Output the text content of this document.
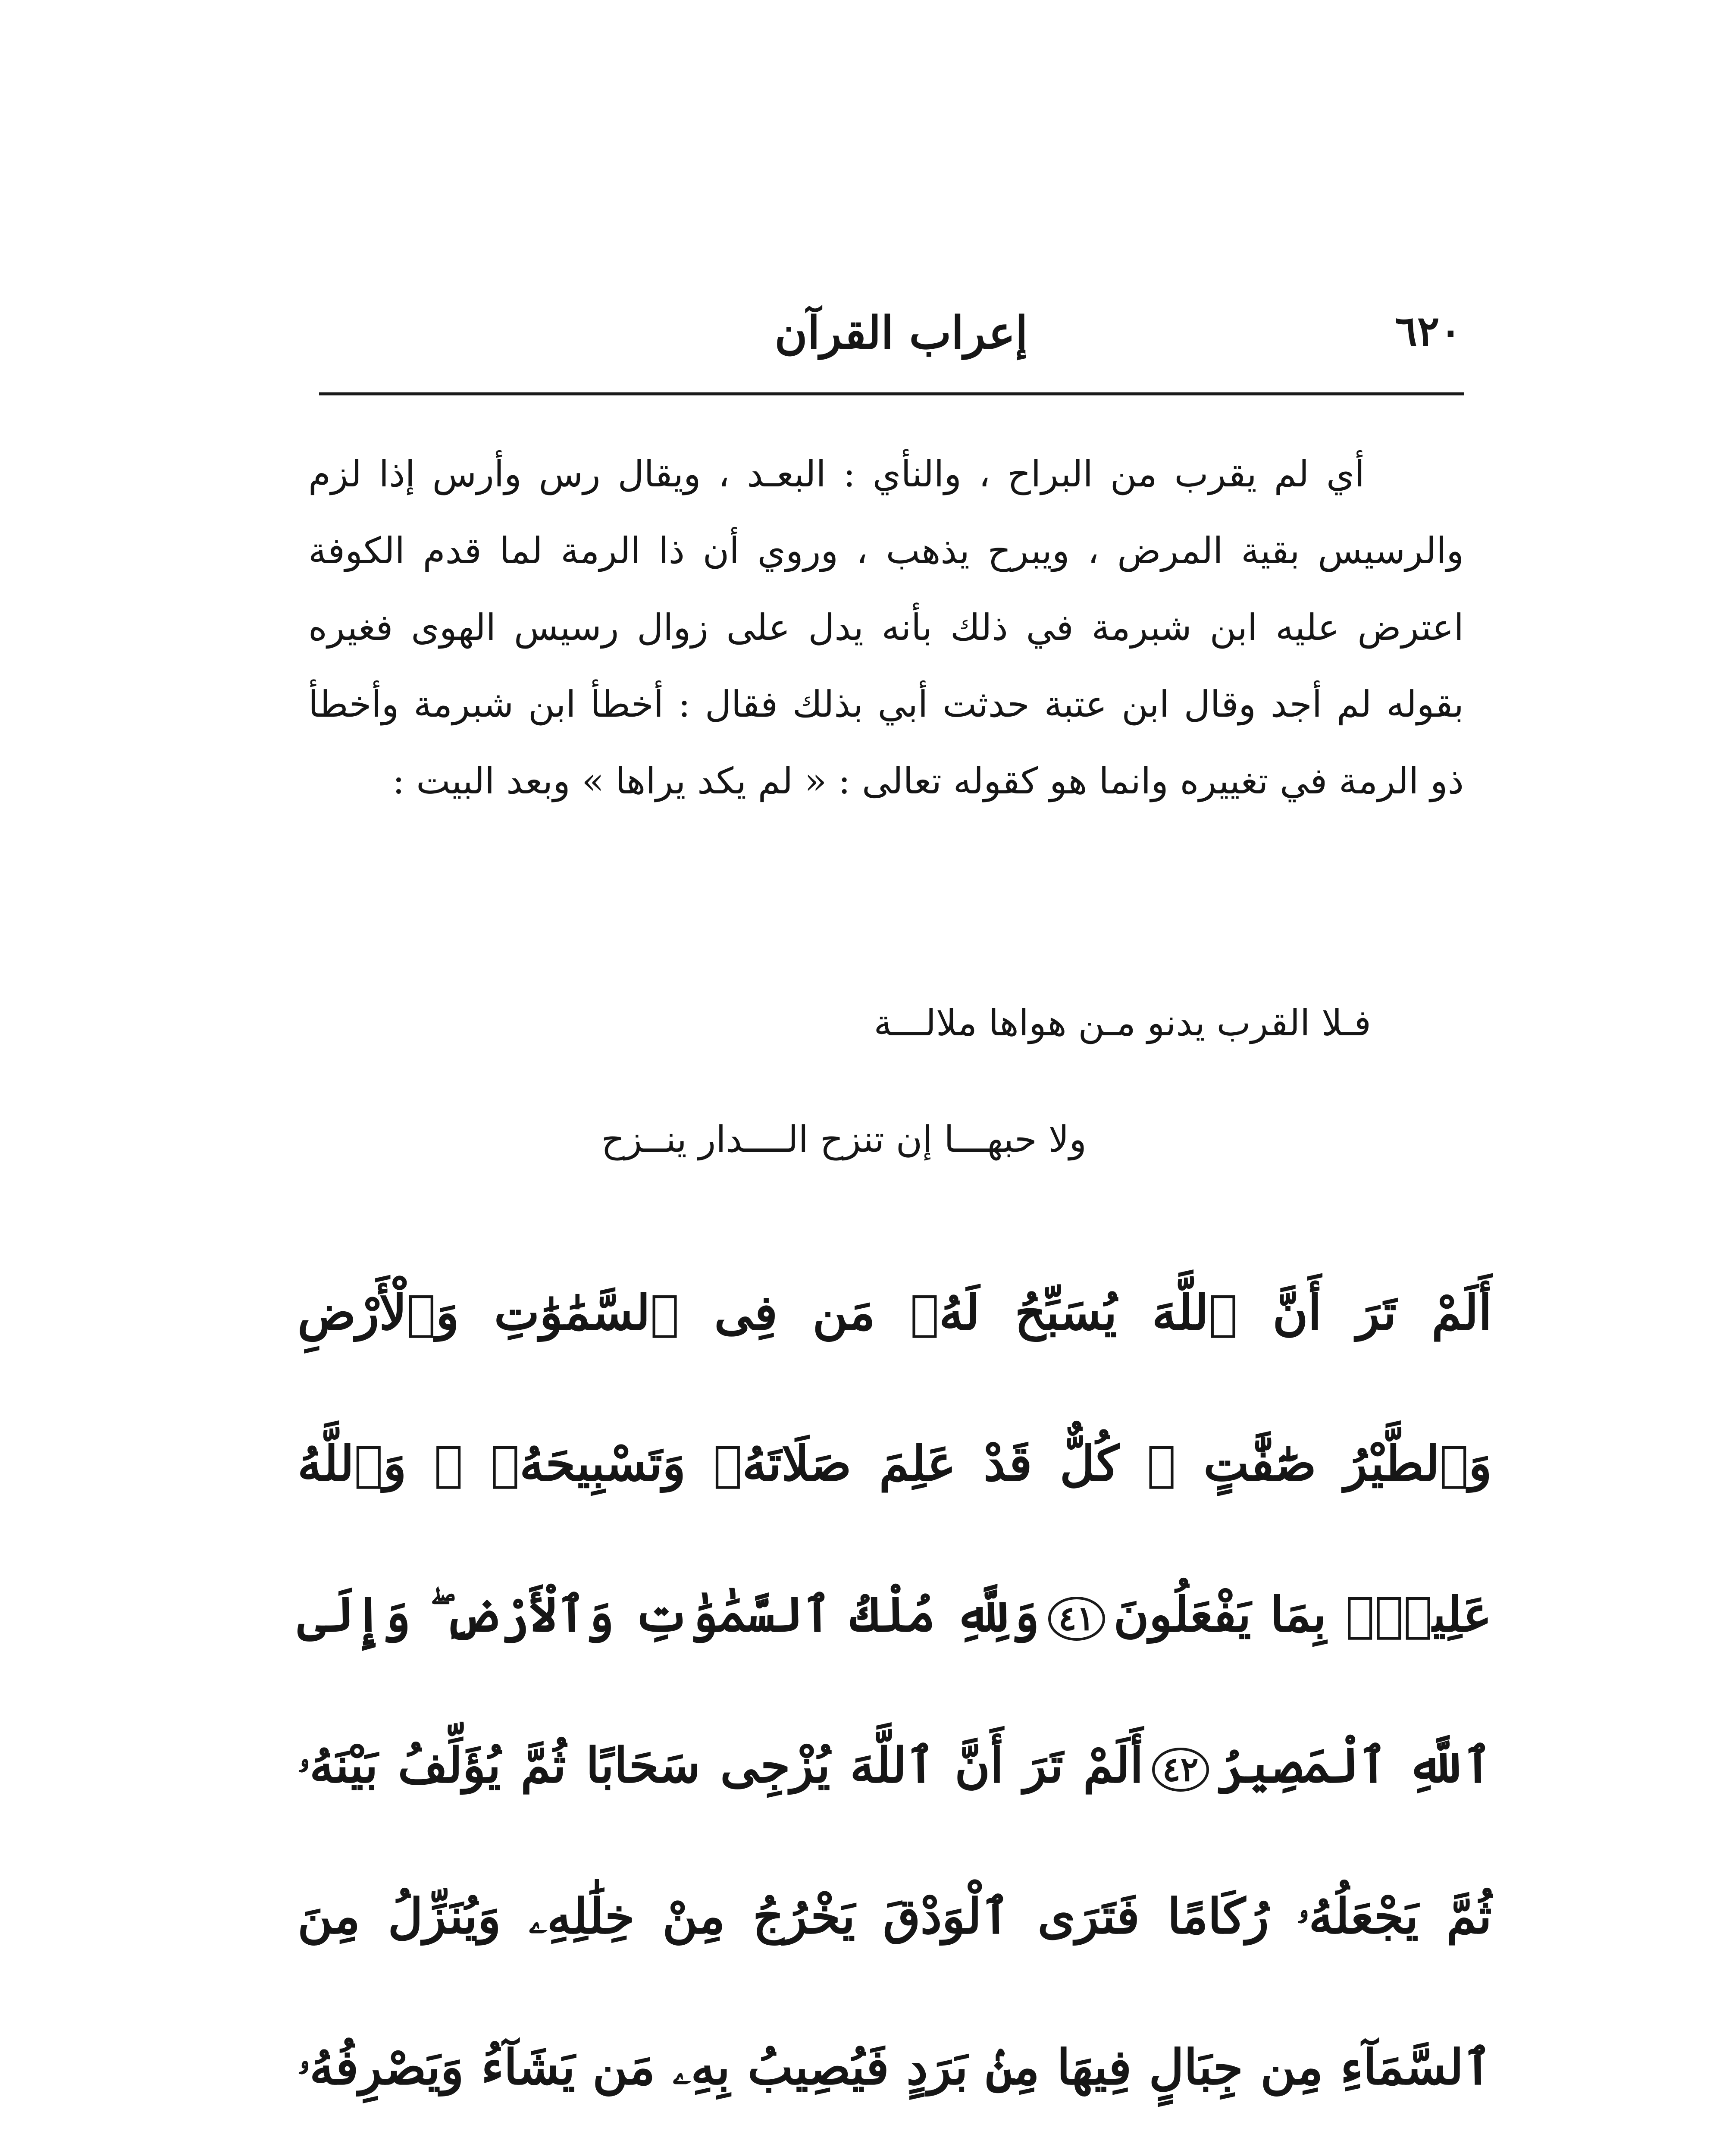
٦٢٠
إعراب القرآن

أي لم يقرب من البراح ، والنأي : البعـد ، ويقال رس وأرس إذا لزم والرسيس بقية المرض ، ويبرح يذهب ، وروي أن ذا الرمة لما قدم الكوفة اعترض عليه ابن شبرمة في ذلك بأنه يدل على زوال رسيس الهوى فغيره بقوله لم أجد وقال ابن عتبة حدثت أبي بذلك فقال : أخطأ ابن شبرمة وأخطأ ذو الرمة في تغييره وانما هو كقوله تعالى : « لم يكد يراها » وبعد البيت :

فـلا القرب يدنو مـن هواها ملالـــة
ولا حبهـــا إن تنزح الــــدار ينــزح

أَلَمْ تَرَ أَنَّ ٱللَّهَ يُسَبِّحُ لَهُۥ مَن فِى ٱلسَّمَٰوَٰتِ وَٱلْأَرْضِ وَٱلطَّيْرُ صَٰٓفَّٰتٍ ۖ كُلٌّ قَدْ عَلِمَ صَلَاتَهُۥ وَتَسْبِيحَهُۥ ۗ وَٱللَّهُ عَلِيمٌۢ بِمَا يَفْعَلُونَ٤١وَلِلَّهِ مُلْكُ ٱلسَّمَٰوَٰتِ وَٱلْأَرْضِ ۖ وَإِلَى ٱللَّهِ ٱلْمَصِيرُ٤٢أَلَمْ تَرَ أَنَّ ٱللَّهَ يُزْجِى سَحَابًا ثُمَّ يُؤَلِّفُ بَيْنَهُۥ ثُمَّ يَجْعَلُهُۥ رُكَامًا فَتَرَى ٱلْوَدْقَ يَخْرُجُ مِنْ خِلَٰلِهِۦ وَيُنَزِّلُ مِنَ ٱلسَّمَآءِ مِن جِبَالٍ فِيهَا مِنۢ بَرَدٍ فَيُصِيبُ بِهِۦ مَن يَشَآءُ وَيَصْرِفُهُۥ
